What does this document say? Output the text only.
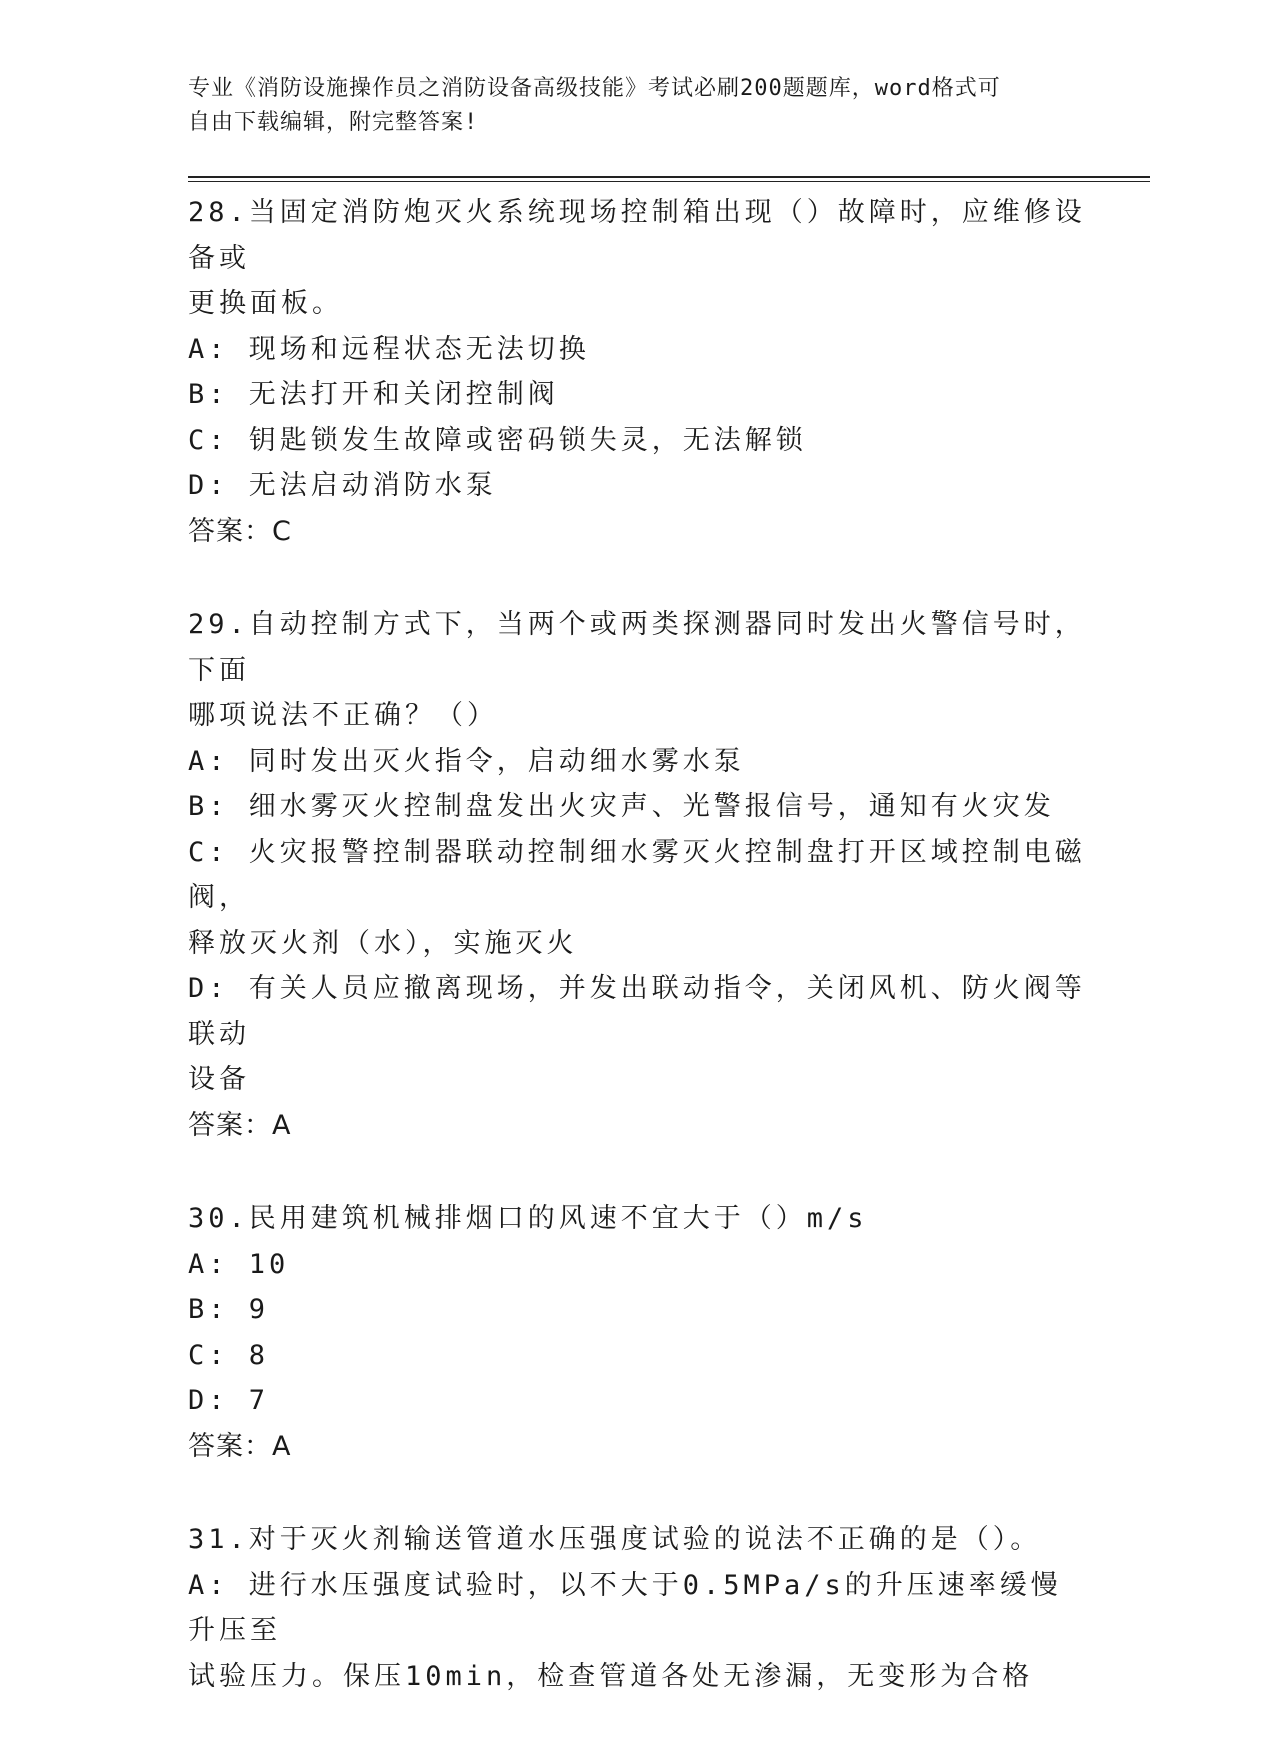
专业《消防设施操作员之消防设备高级技能》考试必刷200题题库，word格式可
自由下载编辑，附完整答案!

28.当固定消防炮灭火系统现场控制箱出现（）故障时，应维修设备或

更换面板。

A: 现场和远程状态无法切换

B: 无法打开和关闭控制阀

C: 钥匙锁发生故障或密码锁失灵，无法解锁

D: 无法启动消防水泵

答案：C

29.自动控制方式下，当两个或两类探测器同时发出火警信号时，下面

哪项说法不正确？（）

A: 同时发出灭火指令，启动细水雾水泵

B: 细水雾灭火控制盘发出火灾声、光警报信号，通知有火灾发

C: 火灾报警控制器联动控制细水雾灭火控制盘打开区域控制电磁阀，

释放灭火剂（水），实施灭火

D: 有关人员应撤离现场，并发出联动指令，关闭风机、防火阀等联动

设备

答案：A

30.民用建筑机械排烟口的风速不宜大于（）m/s

A: 10

B: 9

C: 8

D: 7

答案：A

31.对于灭火剂输送管道水压强度试验的说法不正确的是（）。

A: 进行水压强度试验时，以不大于0.5MPa/s的升压速率缓慢升压至

试验压力。保压10min，检查管道各处无渗漏，无变形为合格
